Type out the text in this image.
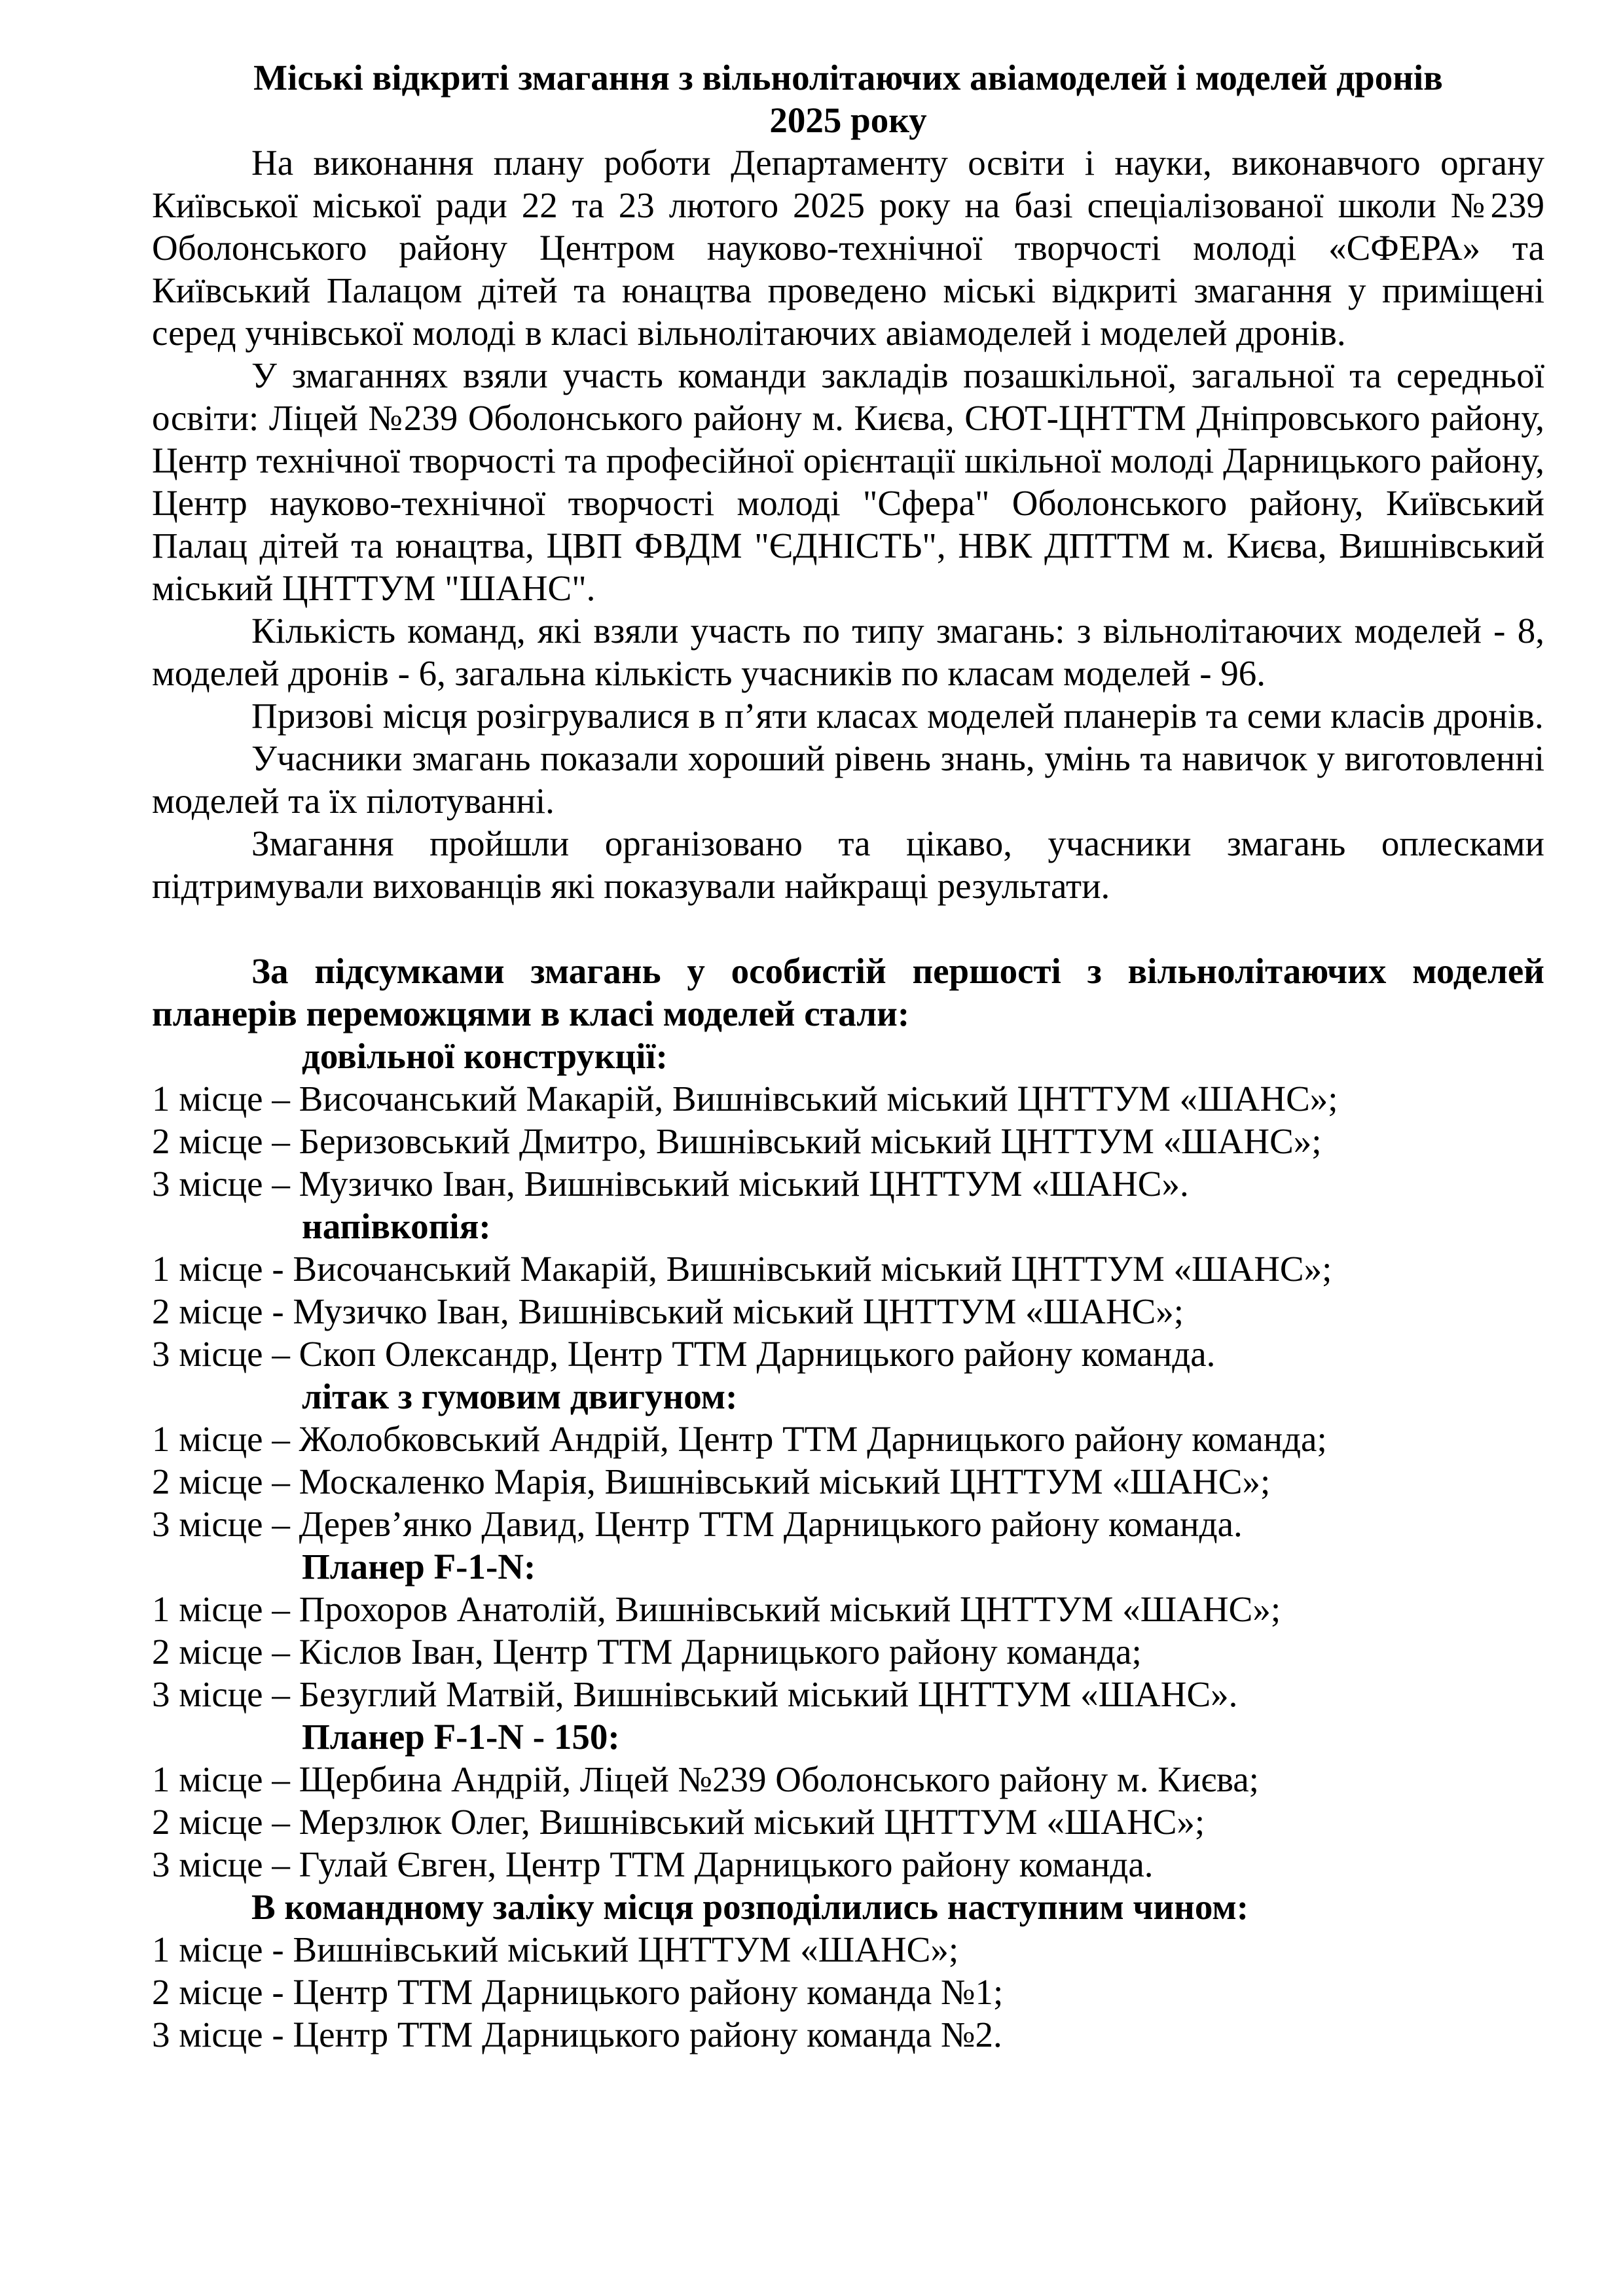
Міські відкриті змагання з вільнолітаючих авіамоделей і моделей дронів
2025 року

На виконання плану роботи Департаменту освіти і науки, виконавчого органу Київської міської ради 22 та 23 лютого 2025 року на базі спеціалізованої школи №239 Оболонського району Центром науково-технічної творчості молоді «СФЕРА» та Київський Палацом дітей та юнацтва проведено міські відкриті змагання у приміщені серед учнівської молоді в класі вільнолітаючих авіамоделей і моделей дронів.

У змаганнях взяли участь команди закладів позашкільної, загальної та середньої освіти: Ліцей №239 Оболонського району м. Києва, СЮТ-ЦНТТМ Дніпровського району, Центр технічної творчості та професійної орієнтації шкільної молоді Дарницького району, Центр науково-технічної творчості молоді "Сфера" Оболонського району, Київський Палац дітей та юнацтва, ЦВП ФВДМ "ЄДНІСТЬ", НВК ДПТТМ м. Києва, Вишнівський міський ЦНТТУМ "ШАНС".

Кількість команд, які взяли участь по типу змагань: з вільнолітаючих моделей - 8, моделей дронів - 6, загальна кількість учасників по класам моделей - 96.

Призові місця розігрувалися в п’яти класах моделей планерів та семи класів дронів.

Учасники змагань показали хороший рівень знань, умінь та навичок у виготовленні моделей та їх пілотуванні.

Змагання пройшли організовано та цікаво, учасники змагань оплесками підтримували вихованців які показували найкращі результати.

За підсумками змагань у особистій першості з вільнолітаючих моделей планерів переможцями в класі моделей стали:

довільної конструкції:
1 місце – Височанський Макарій, Вишнівський міський ЦНТТУМ «ШАНС»;
2 місце – Беризовський Дмитро, Вишнівський міський ЦНТТУМ «ШАНС»;
3 місце – Музичко Іван, Вишнівський міський ЦНТТУМ «ШАНС».
напівкопія:
1 місце - Височанський Макарій, Вишнівський міський ЦНТТУМ «ШАНС»;
2 місце - Музичко Іван, Вишнівський міський ЦНТТУМ «ШАНС»;
3 місце – Скоп Олександр, Центр ТТМ Дарницького району команда.
літак з гумовим двигуном:
1 місце – Жолобковський Андрій, Центр ТТМ Дарницького району команда;
2 місце – Москаленко Марія, Вишнівський міський ЦНТТУМ «ШАНС»;
3 місце – Дерев’янко Давид, Центр ТТМ Дарницького району команда.
Планер F-1-N:
1 місце – Прохоров Анатолій, Вишнівський міський ЦНТТУМ «ШАНС»;
2 місце – Кіслов Іван, Центр ТТМ Дарницького району команда;
3 місце – Безуглий Матвій, Вишнівський міський ЦНТТУМ «ШАНС».
Планер F-1-N - 150:
1 місце – Щербина Андрій, Ліцей №239 Оболонського району м. Києва;
2 місце – Мерзлюк Олег, Вишнівський міський ЦНТТУМ «ШАНС»;
3 місце – Гулай Євген, Центр ТТМ Дарницького району команда.
В командному заліку місця розподілились наступним чином:
1 місце - Вишнівський міський ЦНТТУМ «ШАНС»;
2 місце - Центр ТТМ Дарницького району команда №1;
3 місце - Центр ТТМ Дарницького району команда №2.
